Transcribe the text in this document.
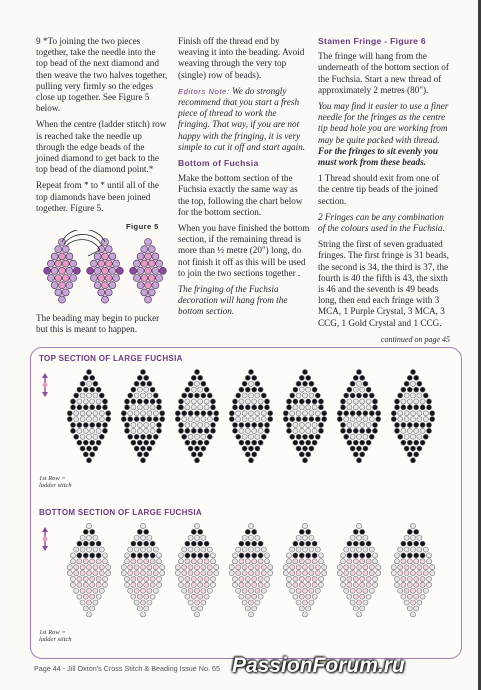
9 *To joining the two pieces together, take the needle into the top bead of the next diamond and then weave the two halves together, pulling very firmly so the edges close up together. See Figure 5 below.

When the centre (ladder stitch) row is reached take the needle up through the edge beads of the joined diamond to get back to the top bead of the diamond point.*

Repeat from * to * until all of the top diamonds have been joined together. Figure 5.

Figure 5
The beading may begin to pucker but this is meant to happen.

Finish off the thread end by weaving it into the beading. Avoid weaving through the very top (single) row of beads).

Editors Note: We do strongly recommend that you start a fresh piece of thread to work the fringing. That way, if you are not happy with the fringing, it is very simple to cut it off and start again.

Bottom of Fuchsia

Make the bottom section of the Fuchsia exactly the same way as the top, following the chart below for the bottom section.

When you have finished the bottom section, if the remaining thread is more than ½ metre (20") long, do not finish it off as this will be used to join the two sections together .

The fringing of the Fuchsia decoration will hang from the bottom section.

Stamen Fringe - Figure 6

The fringe will hang from the underneath of the bottom section of the Fuchsia. Start a new thread of approximately 2 metres (80").

You may find it easier to use a finer needle for the fringes as the centre tip bead hole you are working from may be quite packed with thread. For the fringes to sit evenly you must work from these beads.

1 Thread should exit from one of the centre tip beads of the joined section.

2 Fringes can be any combination of the colours used in the Fuchsia.

String the first of seven graduated fringes. The first fringe is 31 beads, the second is 34, the third is 37, the fourth is 40 the fifth is 43, the sixth is 46 and the seventh is 49 beads long, then end each fringe with 3 MCA, 1 Purple Crystal, 3 MCA, 3 CCG, 1 Gold Crystal and 1 CCG.

continued on page 45
TOP SECTION OF LARGE FUCHSIA
1st Row =
ladder stitch
BOTTOM SECTION OF LARGE FUCHSIA
1st Row =
ladder stitch
Page 44 - Jill Oxton's Cross Stitch & Beading Issue No. 65 PassionForum.ru
